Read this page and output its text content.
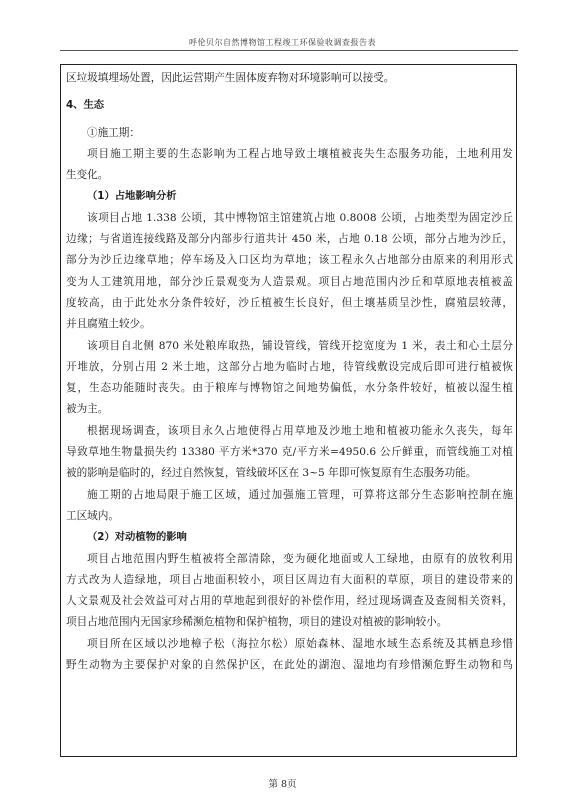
呼伦贝尔自然博物馆工程竣工环保验收调查报告表
区垃圾填埋场处置，因此运营期产生固体废弃物对环境影响可以接受。
4、生态
①施工期：
项目施工期主要的生态影响为工程占地导致土壤植被丧失生态服务功能，土地利用发
生变化。
（1）占地影响分析
该项目占地 1.338 公顷，其中博物馆主馆建筑占地 0.8008 公顷，占地类型为固定沙丘
边缘；与省道连接线路及部分内部步行道共计 450 米，占地 0.18 公顷，部分占地为沙丘，
部分为沙丘边缘草地；停车场及入口区均为草地；该工程永久占地部分由原来的利用形式
变为人工建筑用地，部分沙丘景观变为人造景观。项目占地范围内沙丘和草原地表植被盖
度较高，由于此处水分条件较好，沙丘植被生长良好，但土壤基质呈沙性，腐殖层较薄，
并且腐殖土较少。
该项目自北侧 870 米处粮库取热，铺设管线，管线开挖宽度为 1 米，表土和心土层分
开堆放，分别占用 2 米土地，这部分占地为临时占地，待管线敷设完成后即可进行植被恢
复，生态功能随时丧失。由于粮库与博物馆之间地势偏低，水分条件较好，植被以湿生植
被为主。
根据现场调查，该项目永久占地使得占用草地及沙地土地和植被功能永久丧失，每年
导致草地生物量损失约 13380 平方米*370 克/平方米=4950.6 公斤鲜重，而管线施工对植
被的影响是临时的，经过自然恢复，管线破坏区在 3~5 年即可恢复原有生态服务功能。
施工期的占地局限于施工区域，通过加强施工管理，可算将这部分生态影响控制在施
工区域内。
（2）对动植物的影响
项目占地范围内野生植被将全部清除，变为硬化地面或人工绿地，由原有的放牧利用
方式改为人造绿地，项目占地面积较小，项目区周边有大面积的草原，项目的建设带来的
人文景观及社会效益可对占用的草地起到很好的补偿作用，经过现场调查及查阅相关资料，
项目占地范围内无国家珍稀濒危植物和保护植物，项目的建设对植被的影响较小。
项目所在区域以沙地樟子松（海拉尔松）原始森林、湿地水域生态系统及其栖息珍惜
野生动物为主要保护对象的自然保护区，在此处的湖泡、湿地均有珍惜濒危野生动物和鸟
第 8页
